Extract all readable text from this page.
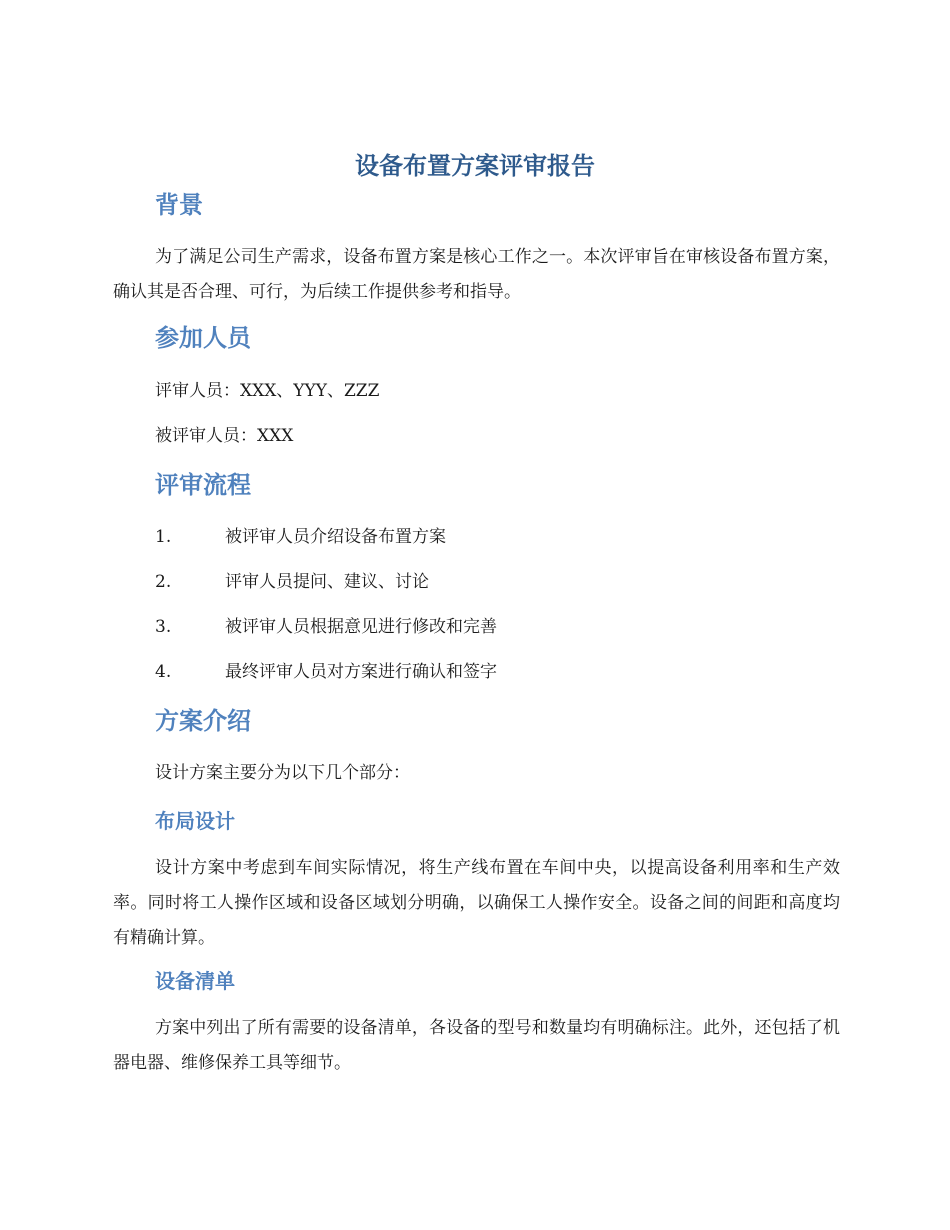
设备布置方案评审报告
背景

为了满足公司生产需求，设备布置方案是核心工作之一。本次评审旨在审核设备布置方案，确认其是否合理、可行，为后续工作提供参考和指导。

参加人员

评审人员：XXX、YYY、ZZZ

被评审人员：XXX

评审流程
1.	被评审人员介绍设备布置方案
2.	评审人员提问、建议、讨论
3.	被评审人员根据意见进行修改和完善
4.	最终评审人员对方案进行确认和签字
方案介绍

设计方案主要分为以下几个部分：

布局设计

设计方案中考虑到车间实际情况，将生产线布置在车间中央，以提高设备利用率和生产效率。同时将工人操作区域和设备区域划分明确，以确保工人操作安全。设备之间的间距和高度均有精确计算。

设备清单

方案中列出了所有需要的设备清单，各设备的型号和数量均有明确标注。此外，还包括了机器电器、维修保养工具等细节。
